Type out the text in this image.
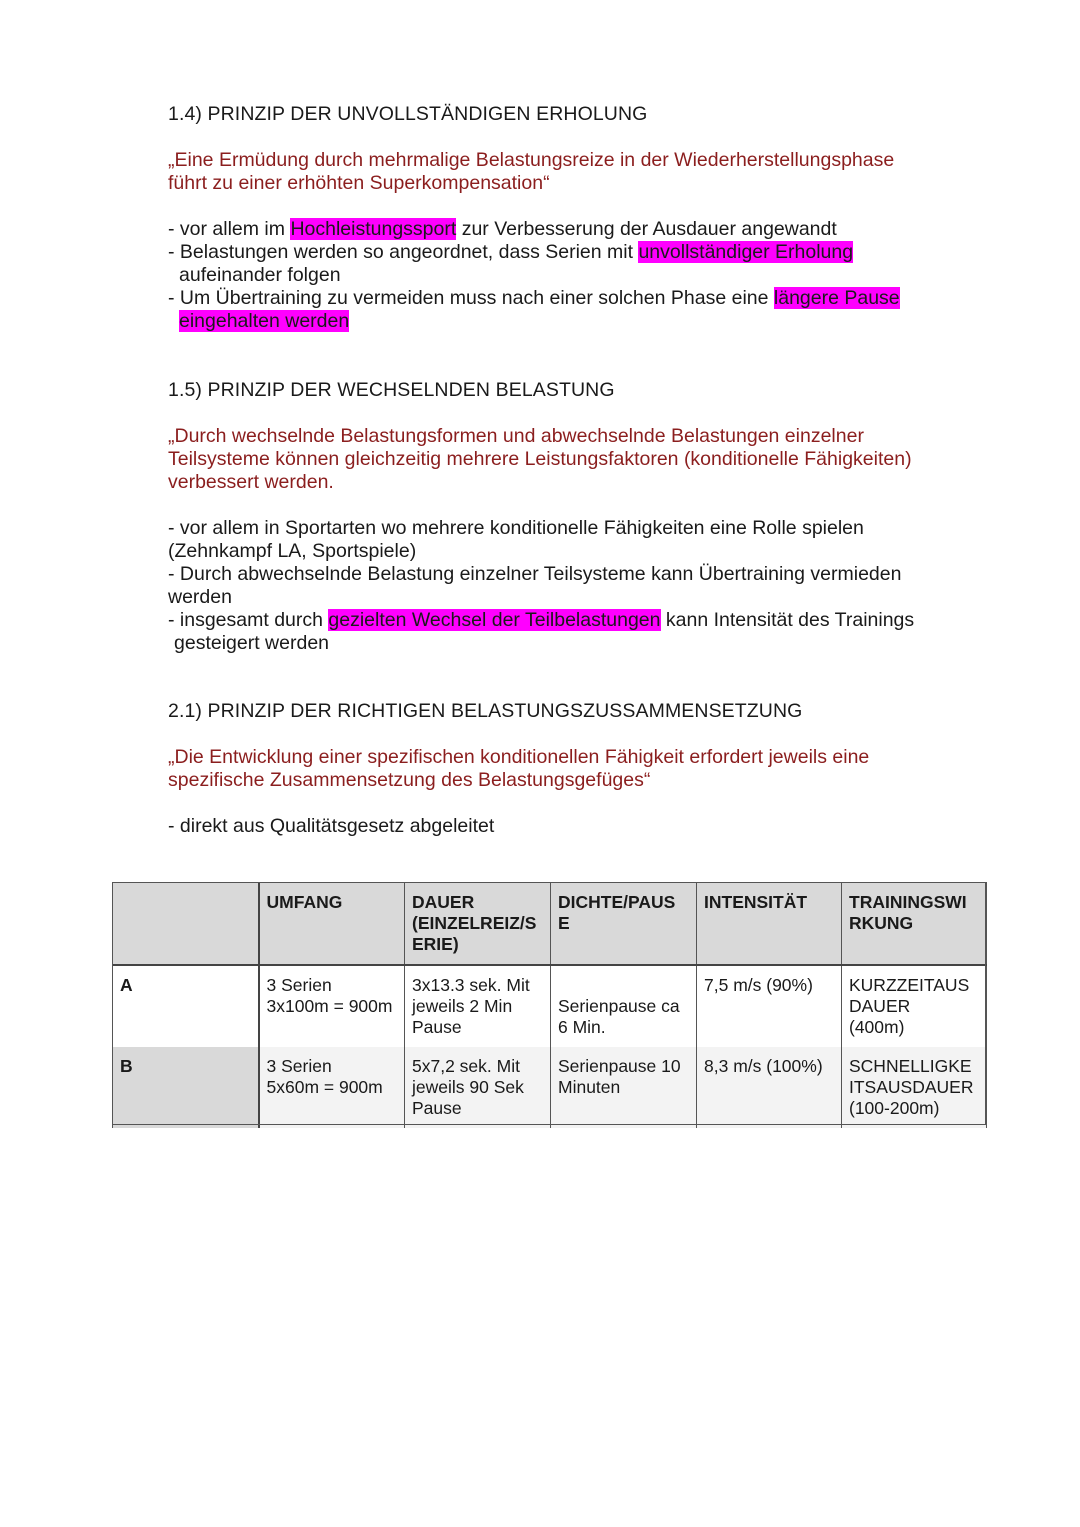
1.4) PRINZIP DER UNVOLLSTÄNDIGEN ERHOLUNG

„Eine Ermüdung durch mehrmalige Belastungsreize in der Wiederherstellungsphase
führt zu einer erhöhten Superkompensation“

- vor allem im Hochleistungssport zur Verbesserung der Ausdauer angewandt

- Belastungen werden so angeordnet, dass Serien mit unvollständiger Erholung

aufeinander folgen

- Um Übertraining zu vermeiden muss nach einer solchen Phase eine längere Pause

eingehalten werden

1.5) PRINZIP DER WECHSELNDEN BELASTUNG

„Durch wechselnde Belastungsformen und abwechselnde Belastungen einzelner
Teilsysteme können gleichzeitig mehrere Leistungsfaktoren (konditionelle Fähigkeiten)
verbessert werden.

- vor allem in Sportarten wo mehrere konditionelle Fähigkeiten eine Rolle spielen

(Zehnkampf LA, Sportspiele)

- Durch abwechselnde Belastung einzelner Teilsysteme kann Übertraining vermieden

werden

- insgesamt durch gezielten Wechsel der Teilbelastungen kann Intensität des Trainings

gesteigert werden

2.1) PRINZIP DER RICHTIGEN BELASTUNGSZUSSAMMENSETZUNG

„Die Entwicklung einer spezifischen konditionellen Fähigkeit erfordert jeweils eine
spezifische Zusammensetzung des Belastungsgefüges“

- direkt aus Qualitätsgesetz abgeleitet

	UMFANG	DAUER
(EINZELREIZ/S
ERIE)	DICHTE/PAUS
E	INTENSITÄT	TRAININGSWI
RKUNG

A	3 Serien
3x100m = 900m	3x13.3 sek. Mit
jeweils 2 Min
Pause	Serienpause ca
6 Min.	7,5 m/s (90%)	KURZZEITAUS
DAUER
(400m)

B	3 Serien
5x60m = 900m	5x7,2 sek. Mit
jeweils 90 Sek
Pause	Serienpause 10
Minuten	8,3 m/s (100%)	SCHNELLIGKE
ITSAUSDAUER
(100-200m)
